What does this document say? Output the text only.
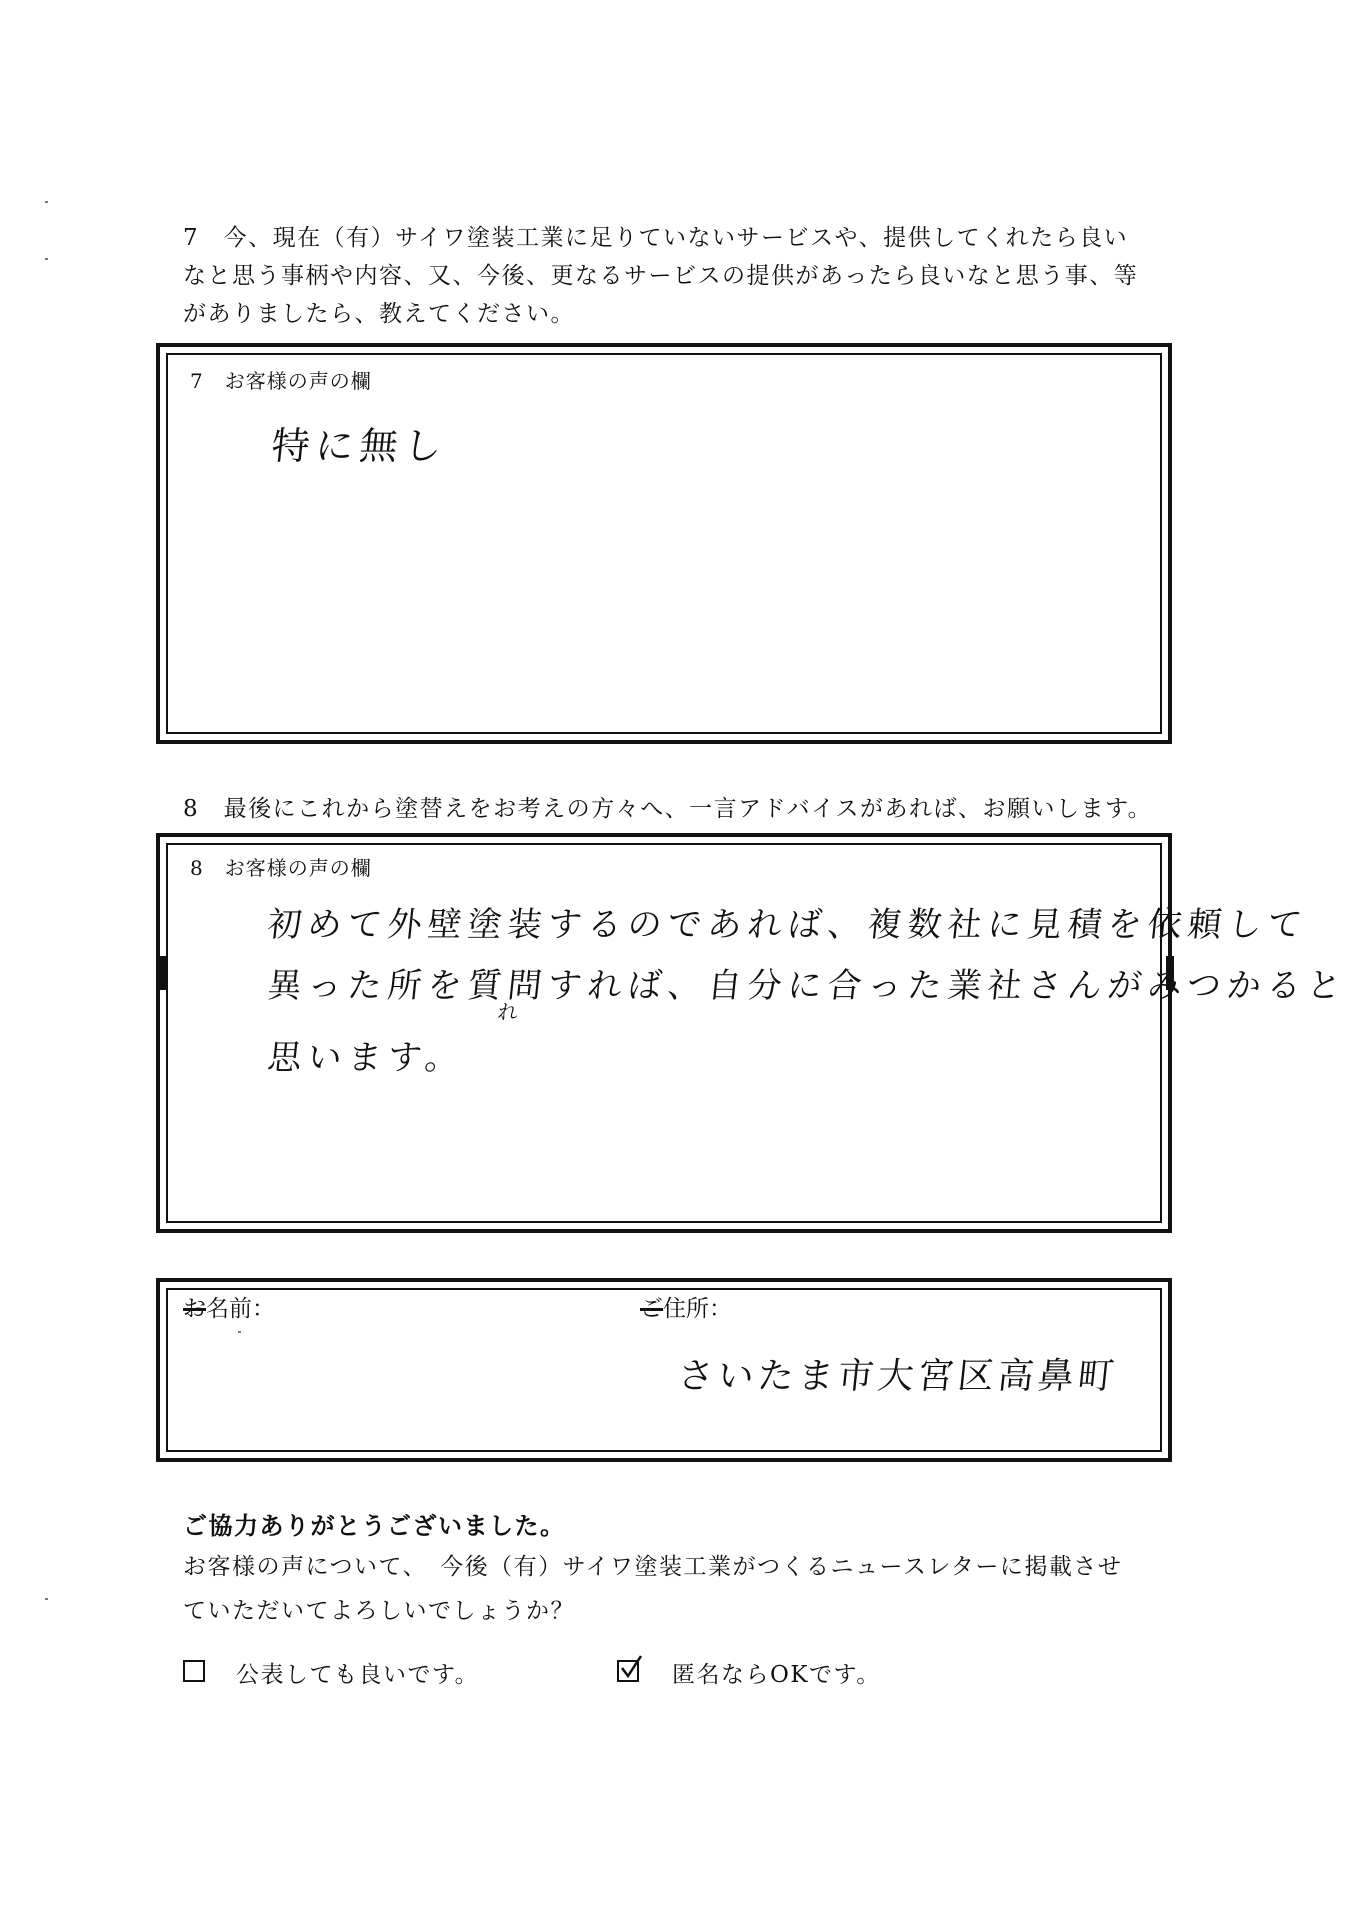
7　今、現在（有）サイワ塗装工業に足りていないサービスや、提供してくれたら良い
なと思う事柄や内容、又、今後、更なるサービスの提供があったら良いなと思う事、等
がありましたら、教えてください。
7　お客様の声の欄
特に無し
8　最後にこれから塗替えをお考えの方々へ、一言アドバイスがあれば、お願いします。
8　お客様の声の欄
初めて外壁塗装するのであれば、複数社に見積を依頼して
異った所を質問すれば、自分に合った業社さんがみつかると
れ
思います。
お名前：	ご住所：
さいたま市大宮区高鼻町
ご協力ありがとうございました。
お客様の声について、　今後（有）サイワ塗装工業がつくるニュースレターに掲載させ
ていただいてよろしいでしょうか？
公表しても良いです。	匿名ならOKです。
